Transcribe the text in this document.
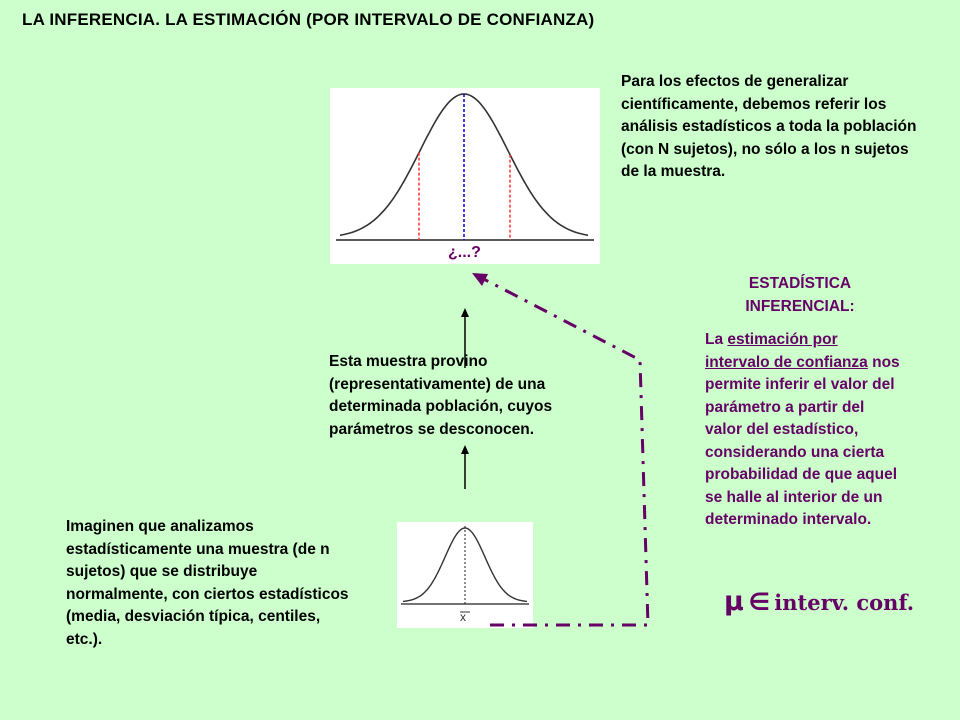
LA INFERENCIA. LA ESTIMACIÓN (POR INTERVALO DE CONFIANZA)
¿...?
Para los efectos de generalizar científicamente, debemos referir los análisis estadísticos a toda la población (con N sujetos), no sólo a los n sujetos de la muestra.
Esta muestra provino (representativamente) de una determinada población, cuyos parámetros se desconocen.
x
Imaginen que analizamos estadísticamente una muestra (de n sujetos) que se distribuye normalmente, con ciertos estadísticos (media, desviación típica, centiles, etc.).
ESTADÍSTICA INFERENCIAL:
La estimación por intervalo de confianza nos permite inferir el valor del parámetro a partir del valor del estadístico, considerando una cierta probabilidad de que aquel se halle al interior de un determinado intervalo.
μ ∈ interv. conf.
